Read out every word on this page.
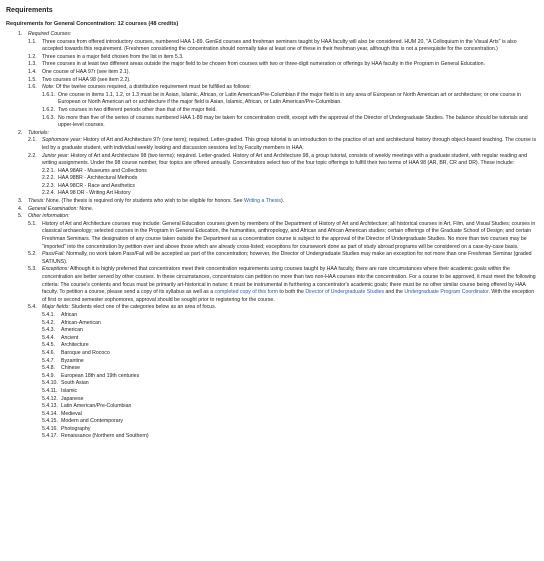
Requirements
Requirements for General Concentration: 12 courses (48 credits)
1.	Required Courses:
1.1.	Three courses from offered introductory courses, numbered HAA 1-89. GenEd courses and freshman seminars taught by HAA faculty will also be considered. HUM 20, "A Colloquium in the Visual Arts" is also accepted towards this requirement. (Freshmen considering the concentration should normally take at least one of these in their freshman year, although this is not a prerequisite for the concentration.)
1.2.	Three courses in a major field chosen from the list in item 5.3.
1.3.	Three courses in at least two different areas outside the major field to be chosen from courses with two or three-digit numeration or offerings by HAA faculty in the Program in General Education.
1.4.	One course of HAA 97r (see item 2.1).
1.5.	Two courses of HAA 98 (see item 2.2).
1.6.	Note: Of the twelve courses required, a distribution requirement must be fulfilled as follows:
1.6.1. One course in items 1.1, 1.2, or 1.3 must be in Asian, Islamic, African, or Latin American/Pre-Columbian if the major field is in any area of European or North American art or architecture; or one course in European or North American art or architecture if the major field is Asian, Islamic, African, or Latin American/Pre-Columbian.
1.6.2. Two courses in two different periods other than that of the major field.
1.6.3. No more than five of the series of courses numbered HAA 1-89 may be taken for concentration credit, except with the approval of the Director of Undergraduate Studies. The balance should be tutorials and upper-level courses.
2.	Tutorials:
2.1.	Sophomore year: History of Art and Architecture 97r (one term); required. Letter-graded. This group tutorial is an introduction to the practice of art and architectural history through object-based teaching. The course is led by a graduate student, with individual weekly looking and discussion sessions led by Faculty members in HAA.
2.2.	Junior year: History of Art and Architecture 98 (two terms); required. Letter-graded. History of Art and Architecture 98, a group tutorial, consists of weekly meetings with a graduate student, with regular reading and writing assignments. Under the 98 course number, four topics are offered annually. Concentrators select two of the four topic offerings to fulfill their two terms of HAA 98 (AR, BR, CR and DR). These include:
2.2.1. HAA 98AR - Museums and Collections
2.2.2. HAA 98BR - Architectural Methods
2.2.3. HAA 98CR - Race and Aesthetics
2.2.4. HAA 98 DR - Writing Art History
3.	Thesis: None. (The thesis is required only for students who wish to be eligible for honors. See Writing a Thesis).
4.	General Examination: None.
5.	Other information:
5.1.	History of Art and Architecture courses may include: General Education courses given by members of the Department of History of Art and Architecture; all historical courses in Art, Film, and Visual Studies; courses in classical archaeology; selected courses in the Program in General Education, the humanities, anthropology, and African and African American studies; certain offerings of the Graduate School of Design; and certain Freshman Seminars. The designation of any course taken outside the Department as a concentration course is subject to the approval of the Director of Undergraduate Studies. No more than two courses may be "imported" into the concentration by petition over and above those which are already cross-listed; exceptions for coursework done as part of study abroad programs will be considered on a case-by-case basis.
5.2.	Pass/Fail: Normally, no work taken Pass/Fail will be accepted as part of the concentration; however, the Director of Undergraduate Studies may make an exception for not more than one Freshman Seminar (graded SAT/UNS).
5.3.	Exceptions: Although it is highly preferred that concentrators meet their concentration requirements using courses taught by HAA faculty, there are rare circumstances where their academic goals within the concentration are better served by other courses. In these circumstances, concentrators can petition no more than two non-HAA courses into the concentration. For a course to be approved, it must meet the following criteria: The course's contents and focus must be primarily art-historical in nature; it must be instrumental in furthering a concentrator's academic goals; there must be no other similar course being offered by HAA faculty. To petition a course, please send a copy of its syllabus as well as a completed copy of this form to both the Director of Undergraduate Studies and the Undergraduate Program Coordinator. With the exception of first or second semester sophomores, approval should be sought prior to registering for the course.
5.4.	Major fields: Students elect one of the categories below as an area of focus.
5.4.1.	African
5.4.2.	African-American
5.4.3.	American
5.4.4.	Ancient
5.4.5.	Architecture
5.4.6.	Baroque and Rococo
5.4.7.	Byzantine
5.4.8.	Chinese
5.4.9.	European 18th and 19th centuries
5.4.10. South Asian
5.4.11. Islamic
5.4.12. Japanese
5.4.13. Latin American/Pre-Columbian
5.4.14. Medieval
5.4.15. Modern and Contemporary
5.4.16. Photography
5.4.17. Renaissance (Northern and Southern)
